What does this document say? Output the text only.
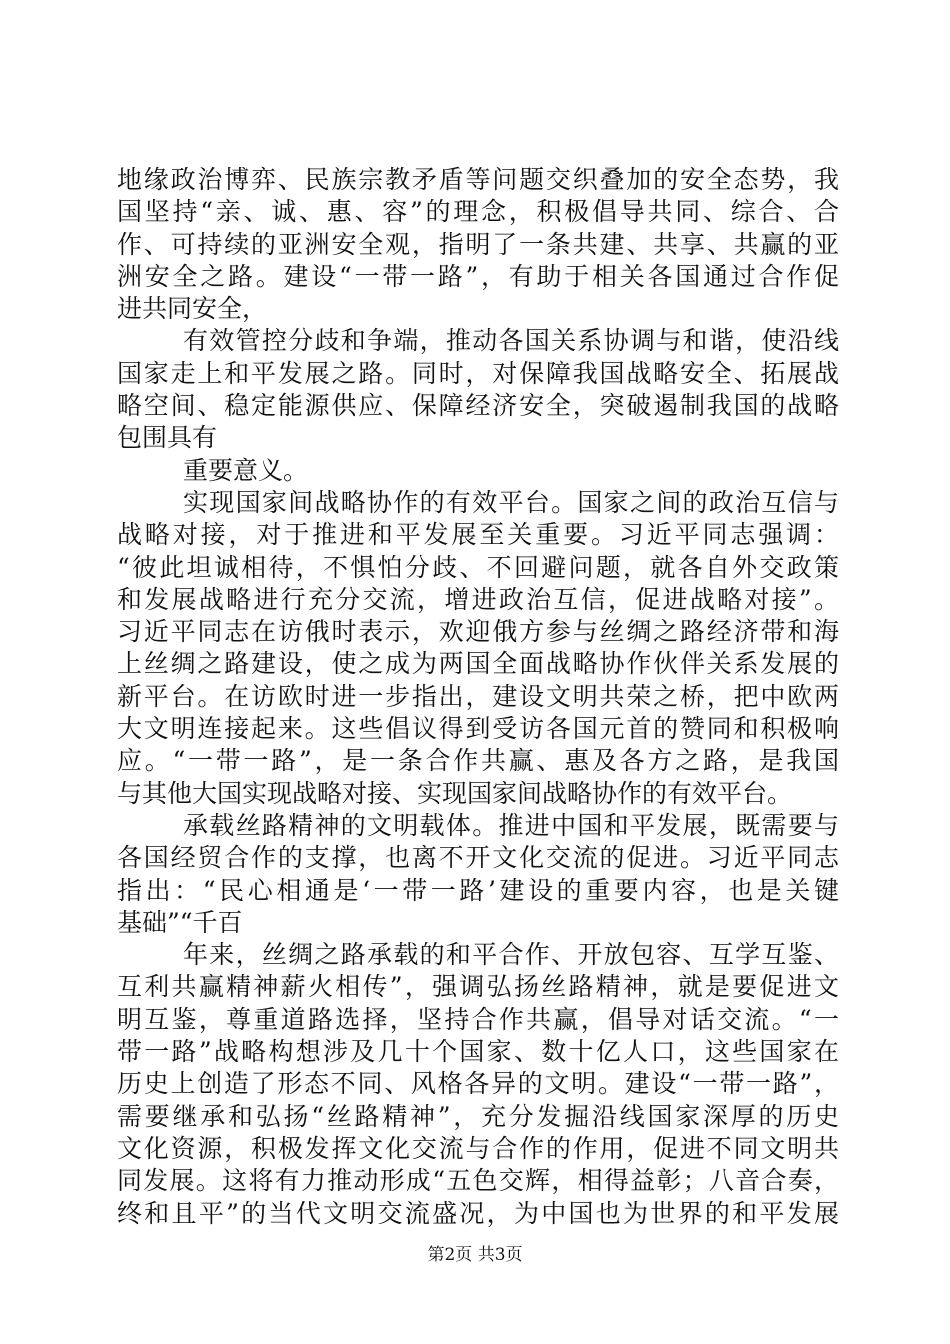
地缘政治博弈、民族宗教矛盾等问题交织叠加的安全态势，我
国坚持“亲、诚、惠、容”的理念，积极倡导共同、综合、合
作、可持续的亚洲安全观，指明了一条共建、共享、共赢的亚
洲安全之路。建设“一带一路”，有助于相关各国通过合作促
进共同安全，
有效管控分歧和争端，推动各国关系协调与和谐，使沿线
国家走上和平发展之路。同时，对保障我国战略安全、拓展战
略空间、稳定能源供应、保障经济安全，突破遏制我国的战略
包围具有
重要意义。
实现国家间战略协作的有效平台。国家之间的政治互信与
战略对接，对于推进和平发展至关重要。习近平同志强调：
“彼此坦诚相待，不惧怕分歧、不回避问题，就各自外交政策
和发展战略进行充分交流，增进政治互信，促进战略对接”。
习近平同志在访俄时表示，欢迎俄方参与丝绸之路经济带和海
上丝绸之路建设，使之成为两国全面战略协作伙伴关系发展的
新平台。在访欧时进一步指出，建设文明共荣之桥，把中欧两
大文明连接起来。这些倡议得到受访各国元首的赞同和积极响
应。“一带一路”，是一条合作共赢、惠及各方之路，是我国
与其他大国实现战略对接、实现国家间战略协作的有效平台。
承载丝路精神的文明载体。推进中国和平发展，既需要与
各国经贸合作的支撑，也离不开文化交流的促进。习近平同志
指出：“民心相通是‘一带一路’建设的重要内容，也是关键
基础”“千百
年来，丝绸之路承载的和平合作、开放包容、互学互鉴、
互利共赢精神薪火相传”，强调弘扬丝路精神，就是要促进文
明互鉴，尊重道路选择，坚持合作共赢，倡导对话交流。“一
带一路”战略构想涉及几十个国家、数十亿人口，这些国家在
历史上创造了形态不同、风格各异的文明。建设“一带一路”，
需要继承和弘扬“丝路精神”，充分发掘沿线国家深厚的历史
文化资源，积极发挥文化交流与合作的作用，促进不同文明共
同发展。这将有力推动形成“五色交辉，相得益彰；八音合奏，
终和且平”的当代文明交流盛况，为中国也为世界的和平发展
第2页 共3页
